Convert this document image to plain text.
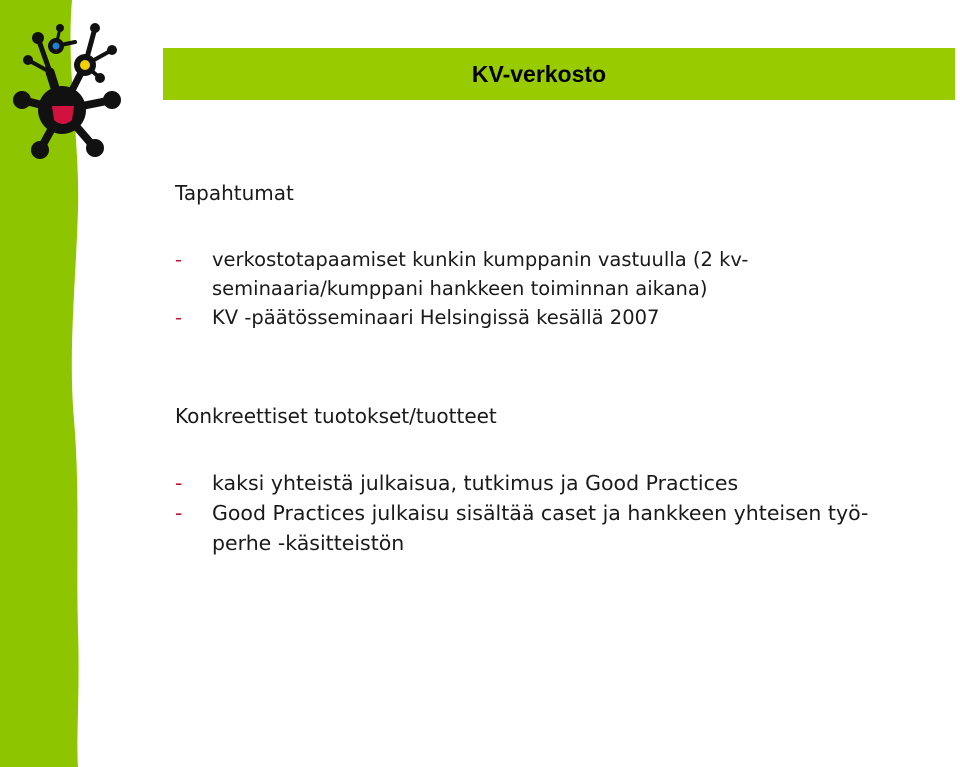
KV-verkosto
Tapahtumat
- verkostotapaamiset kunkin kumppanin vastuulla (2 kv-seminaaria/kumppani hankkeen toiminnan aikana)
- KV -päätösseminaari Helsingissä kesällä 2007
Konkreettiset tuotokset/tuotteet
- kaksi yhteistä julkaisua, tutkimus ja Good Practices
- Good Practices julkaisu sisältää caset ja hankkeen yhteisen työ-perhe -käsitteistön
